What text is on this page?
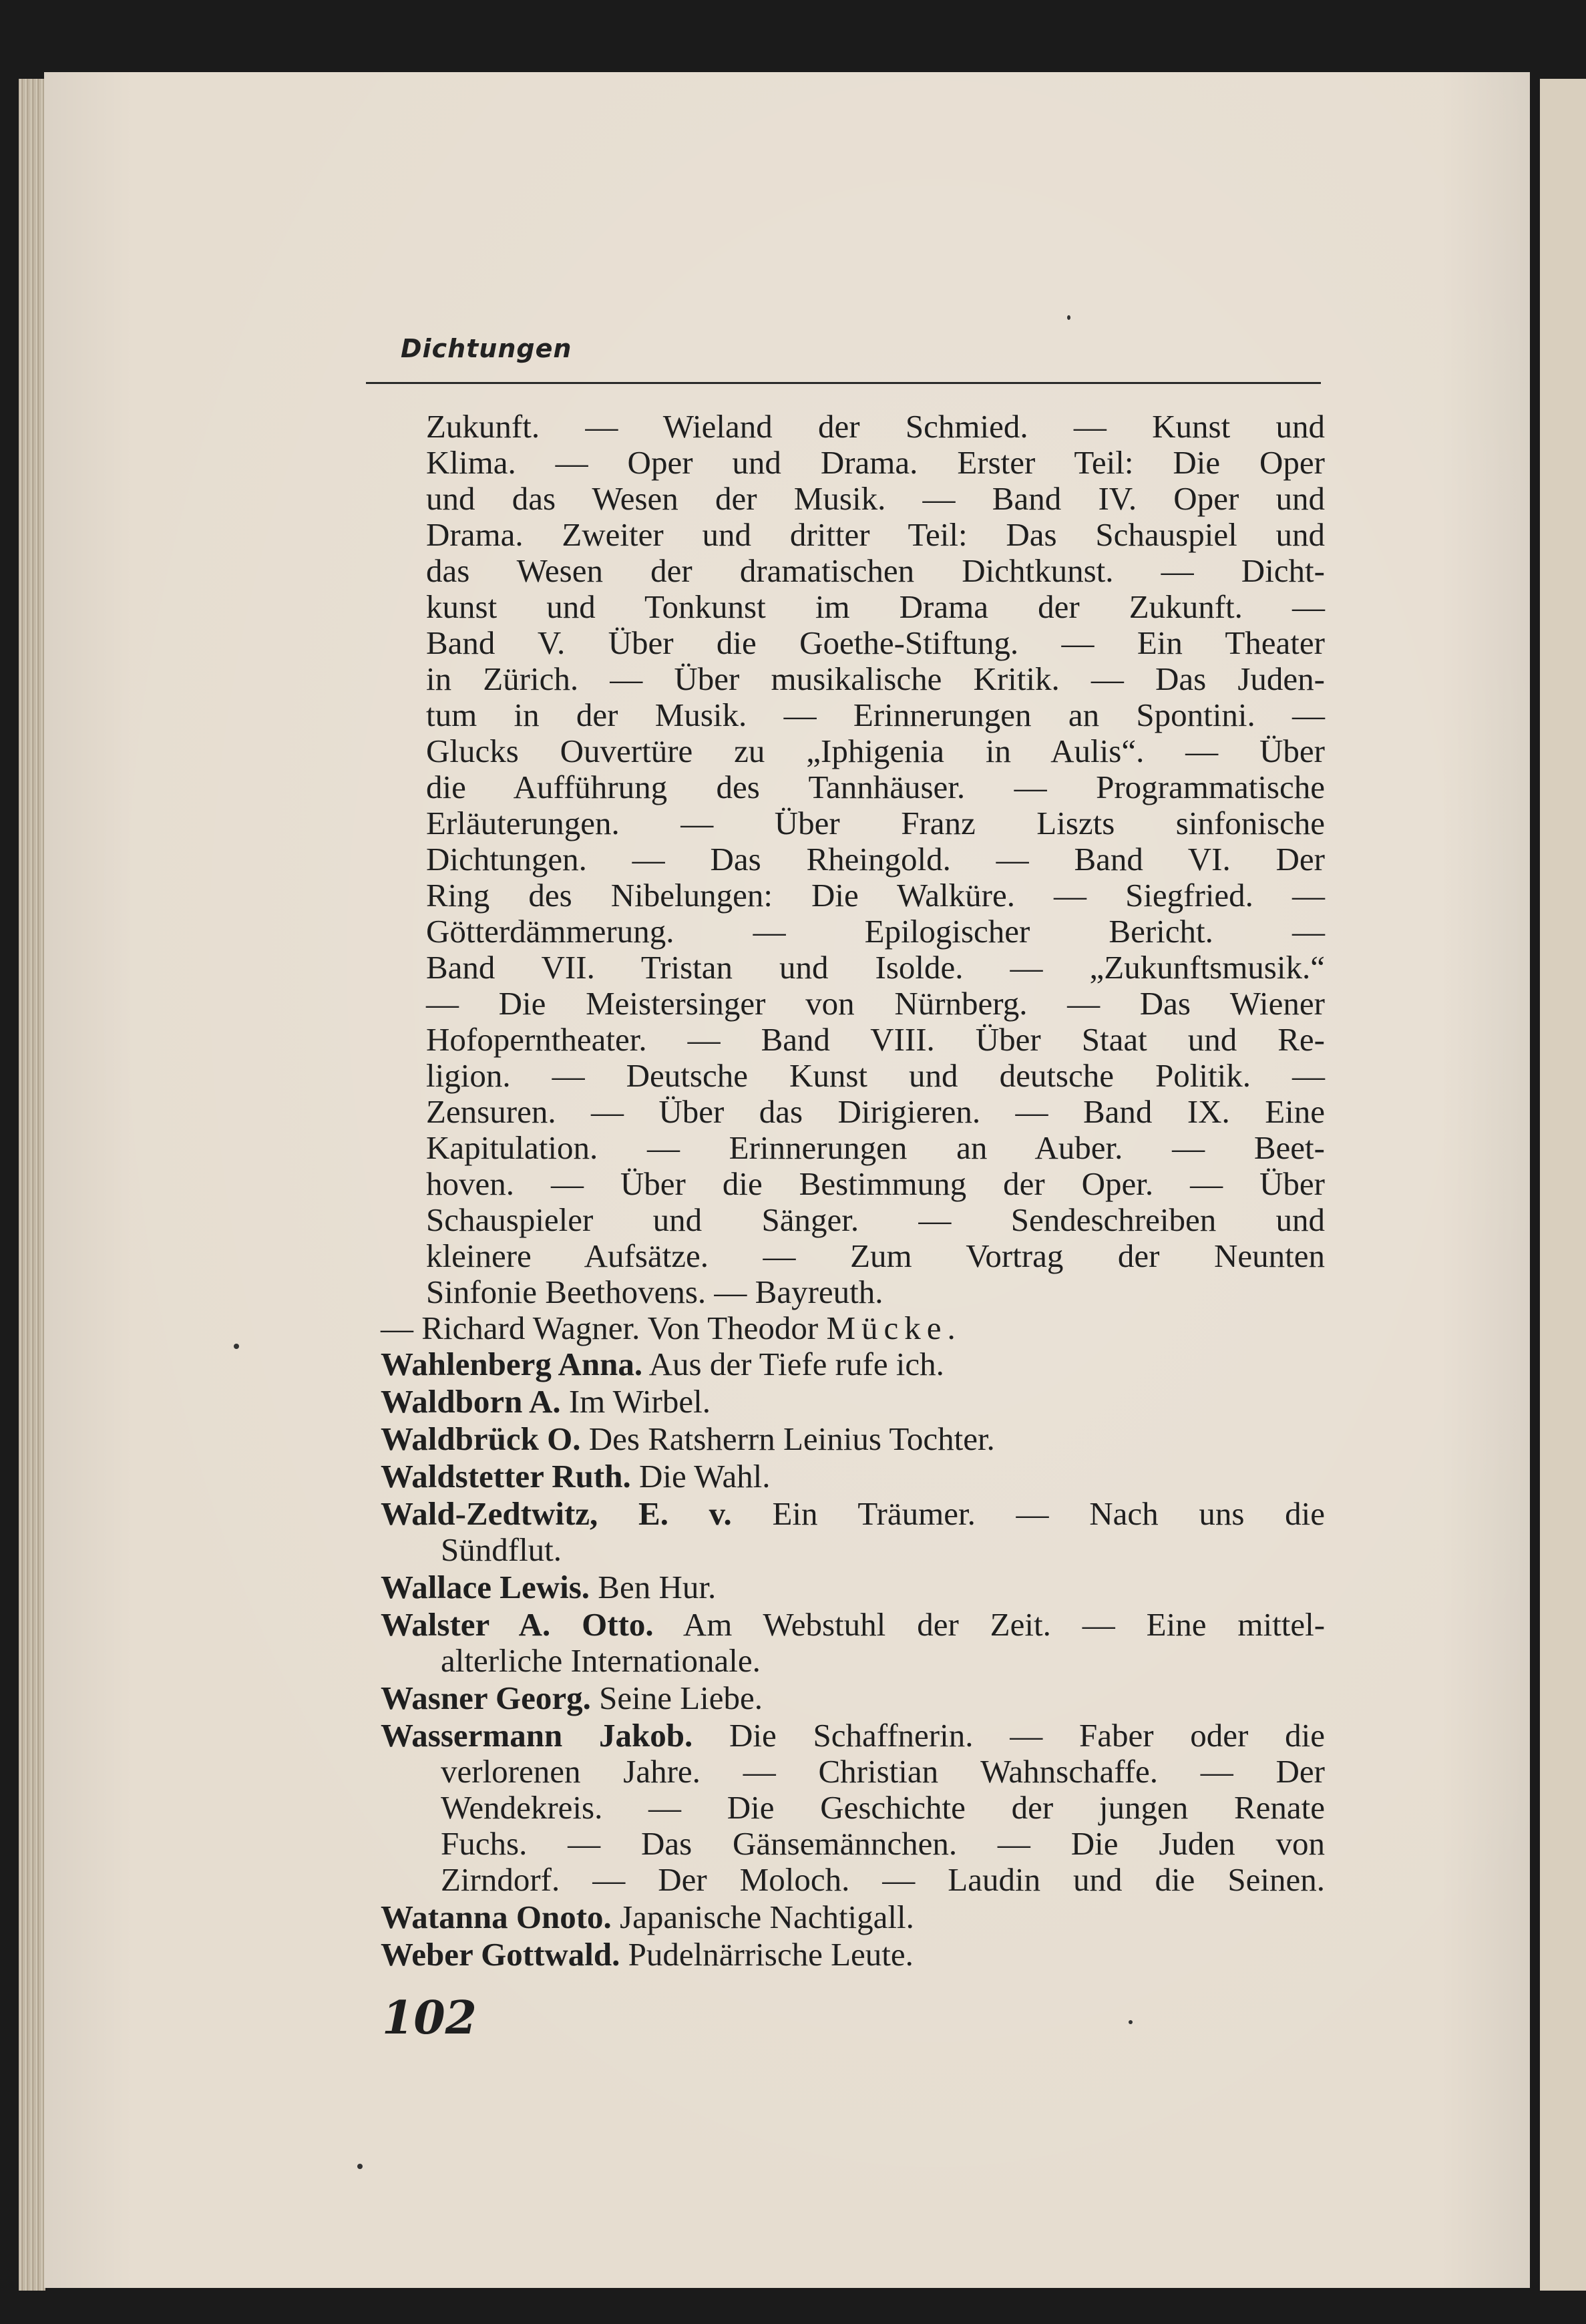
Dichtungen
Zukunft. — Wieland der Schmied. — Kunst und
Klima. — Oper und Drama. Erster Teil: Die Oper
und das Wesen der Musik. — Band IV. Oper und
Drama. Zweiter und dritter Teil: Das Schauspiel und
das Wesen der dramatischen Dichtkunst. — Dicht-
kunst und Tonkunst im Drama der Zukunft. —
Band V. Über die Goethe-Stiftung. — Ein Theater
in Zürich. — Über musikalische Kritik. — Das Juden-
tum in der Musik. — Erinnerungen an Spontini. —
Glucks Ouvertüre zu „Iphigenia in Aulis“. — Über
die Aufführung des Tannhäuser. — Programmatische
Erläuterungen. — Über Franz Liszts sinfonische
Dichtungen. — Das Rheingold. — Band VI. Der
Ring des Nibelungen: Die Walküre. — Siegfried. —
Götterdämmerung. — Epilogischer Bericht. —
Band VII. Tristan und Isolde. — „Zukunftsmusik.“
— Die Meistersinger von Nürnberg. — Das Wiener
Hofoperntheater. — Band VIII. Über Staat und Re-
ligion. — Deutsche Kunst und deutsche Politik. —
Zensuren. — Über das Dirigieren. — Band IX. Eine
Kapitulation. — Erinnerungen an Auber. — Beet-
hoven. — Über die Bestimmung der Oper. — Über
Schauspieler und Sänger. — Sendeschreiben und
kleinere Aufsätze. — Zum Vortrag der Neunten
Sinfonie Beethovens. — Bayreuth.
— Richard Wagner. Von Theodor Mücke.
Wahlenberg Anna. Aus der Tiefe rufe ich.
Waldborn A. Im Wirbel.
Waldbrück O. Des Ratsherrn Leinius Tochter.
Waldstetter Ruth. Die Wahl.
Wald-Zedtwitz, E. v. Ein Träumer. — Nach uns die
Sündflut.
Wallace Lewis. Ben Hur.
Walster A. Otto. Am Webstuhl der Zeit. — Eine mittel-
alterliche Internationale.
Wasner Georg. Seine Liebe.
Wassermann Jakob. Die Schaffnerin. — Faber oder die
verlorenen Jahre. — Christian Wahnschaffe. — Der
Wendekreis. — Die Geschichte der jungen Renate
Fuchs. — Das Gänsemännchen. — Die Juden von
Zirndorf. — Der Moloch. — Laudin und die Seinen.
Watanna Onoto. Japanische Nachtigall.
Weber Gottwald. Pudelnärrische Leute.
102
